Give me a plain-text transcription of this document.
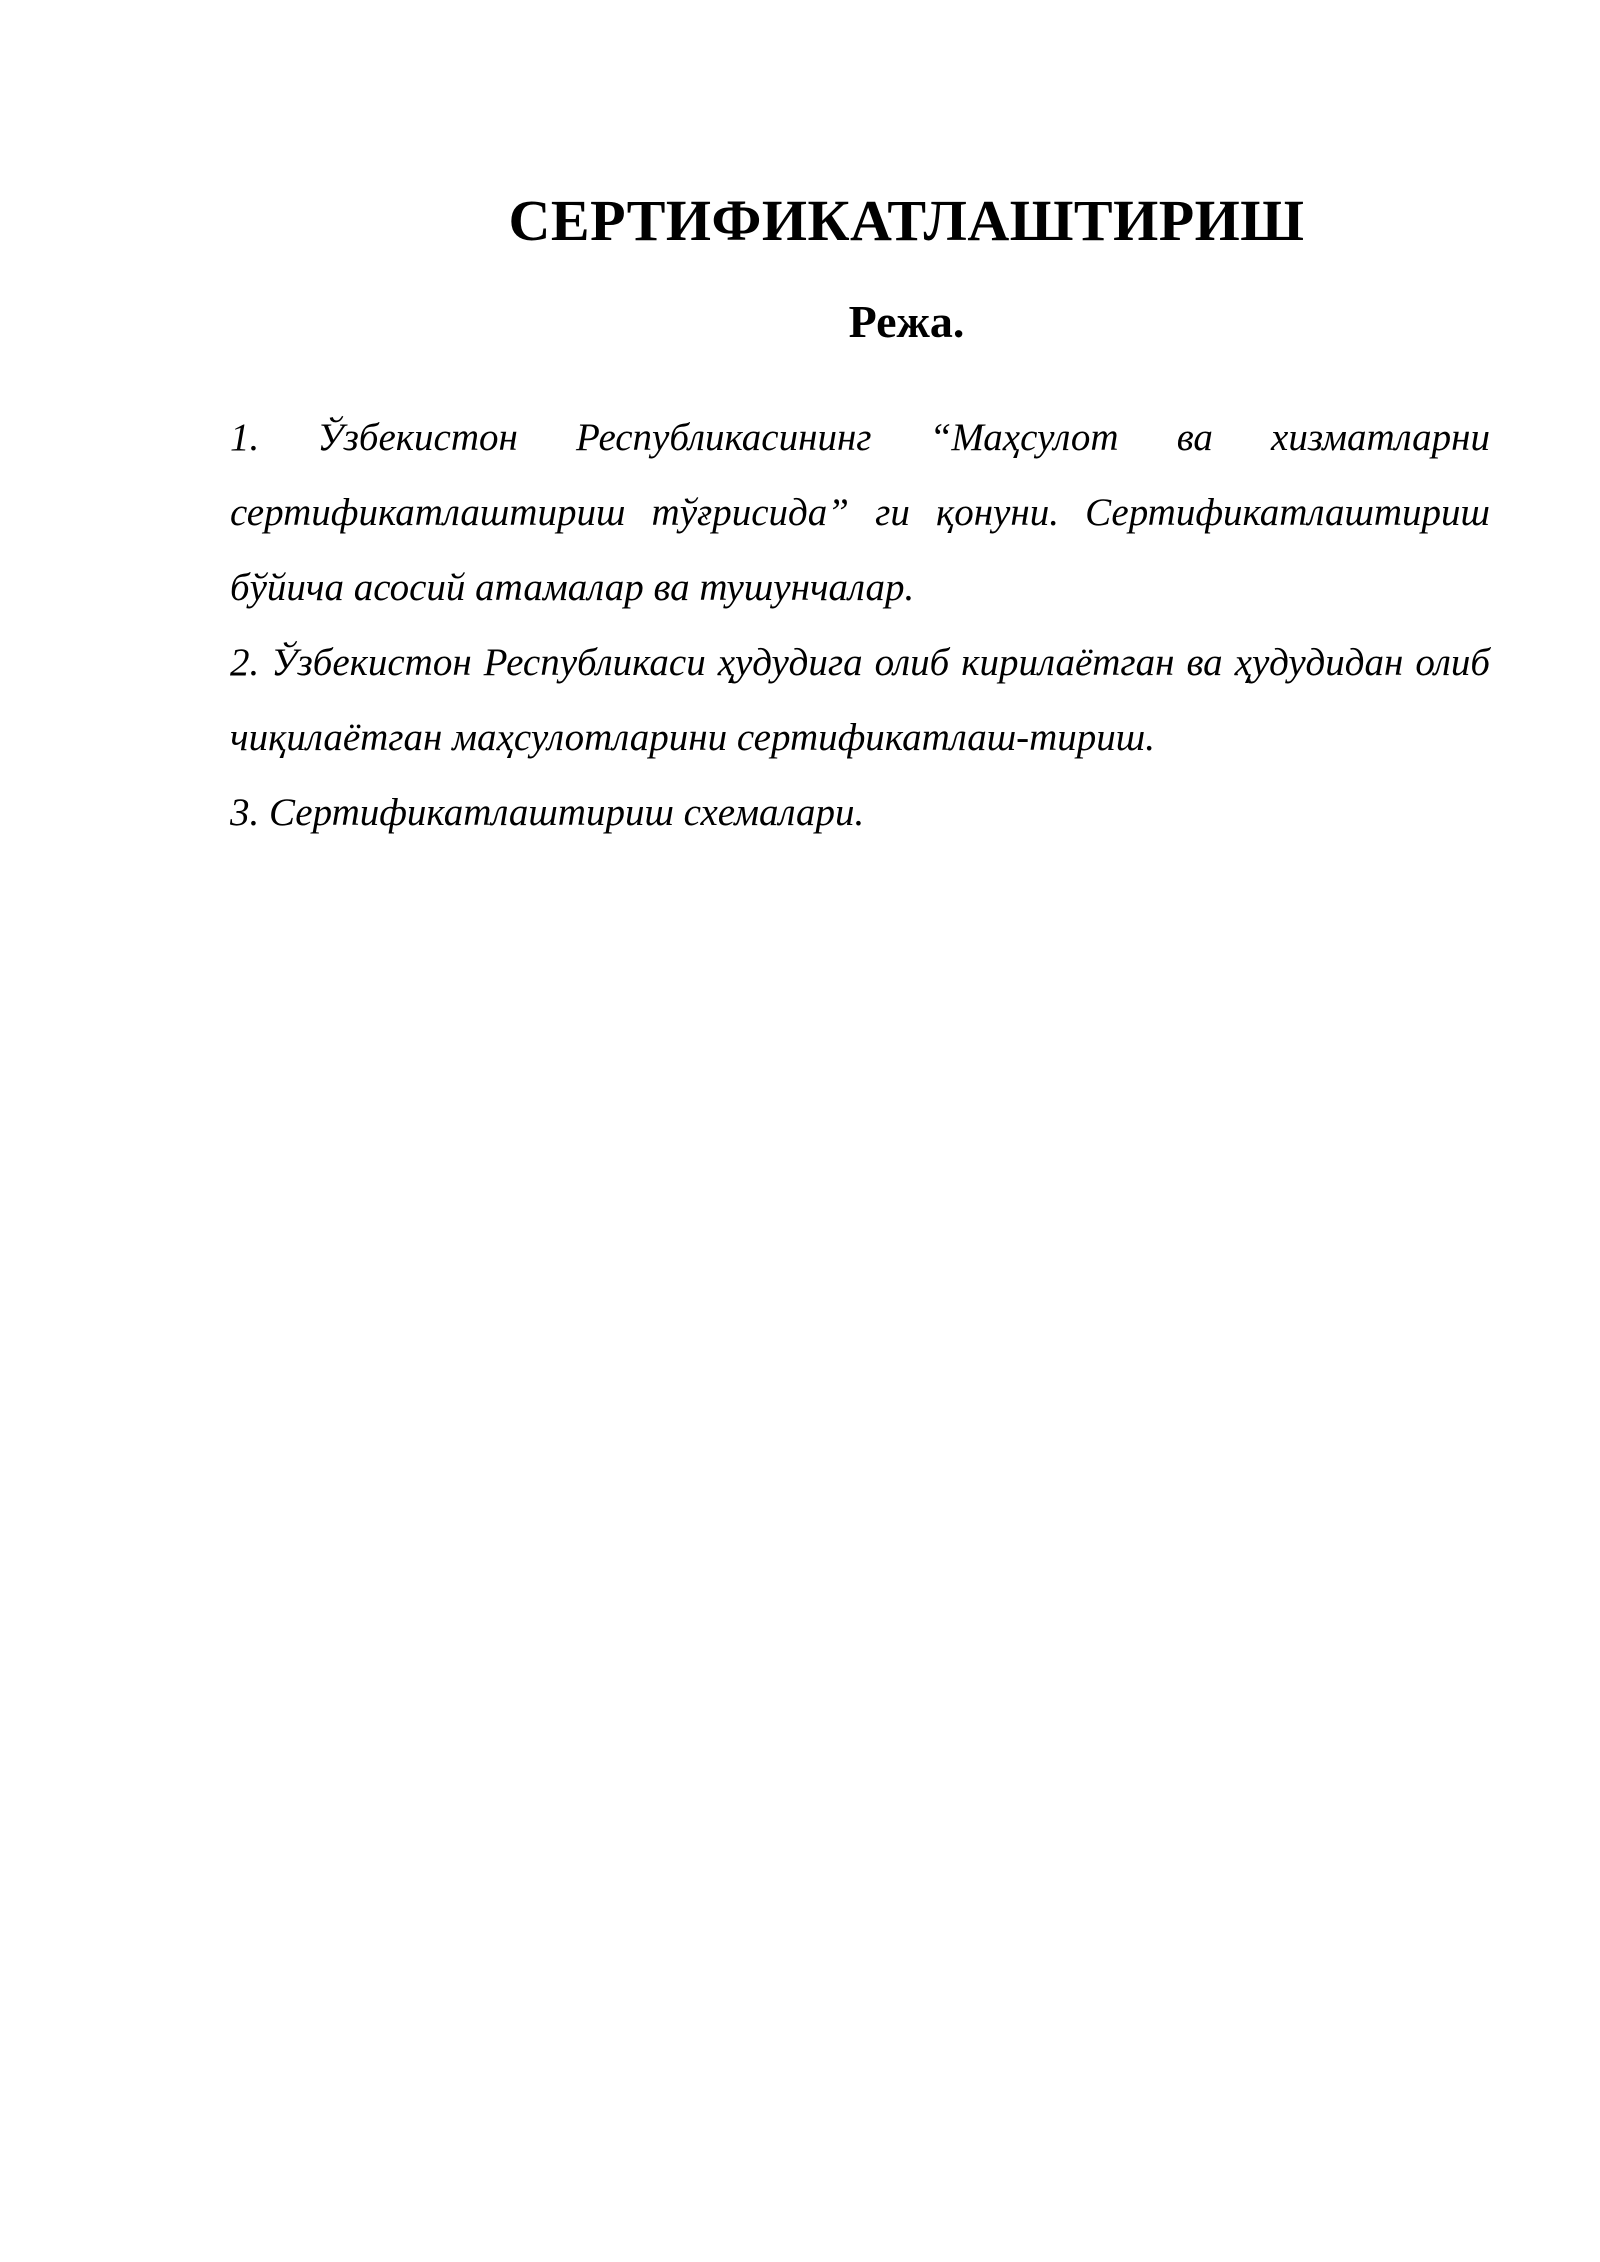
СЕРТИФИКАТЛАШТИРИШ
Режа.
1. Ўзбекистон Республикасининг “Маҳсулот ва хизматларни сертификатлаштириш тўғрисида” ги қонуни. Сертификатлаштириш бўйича асосий атамалар ва тушунчалар.
2. Ўзбекистон Республикаси ҳудудига олиб кирилаётган ва ҳудудидан олиб чиқилаётган маҳсулотларини сертификатлаш-тириш.
3. Сертификатлаштириш схемалари.
